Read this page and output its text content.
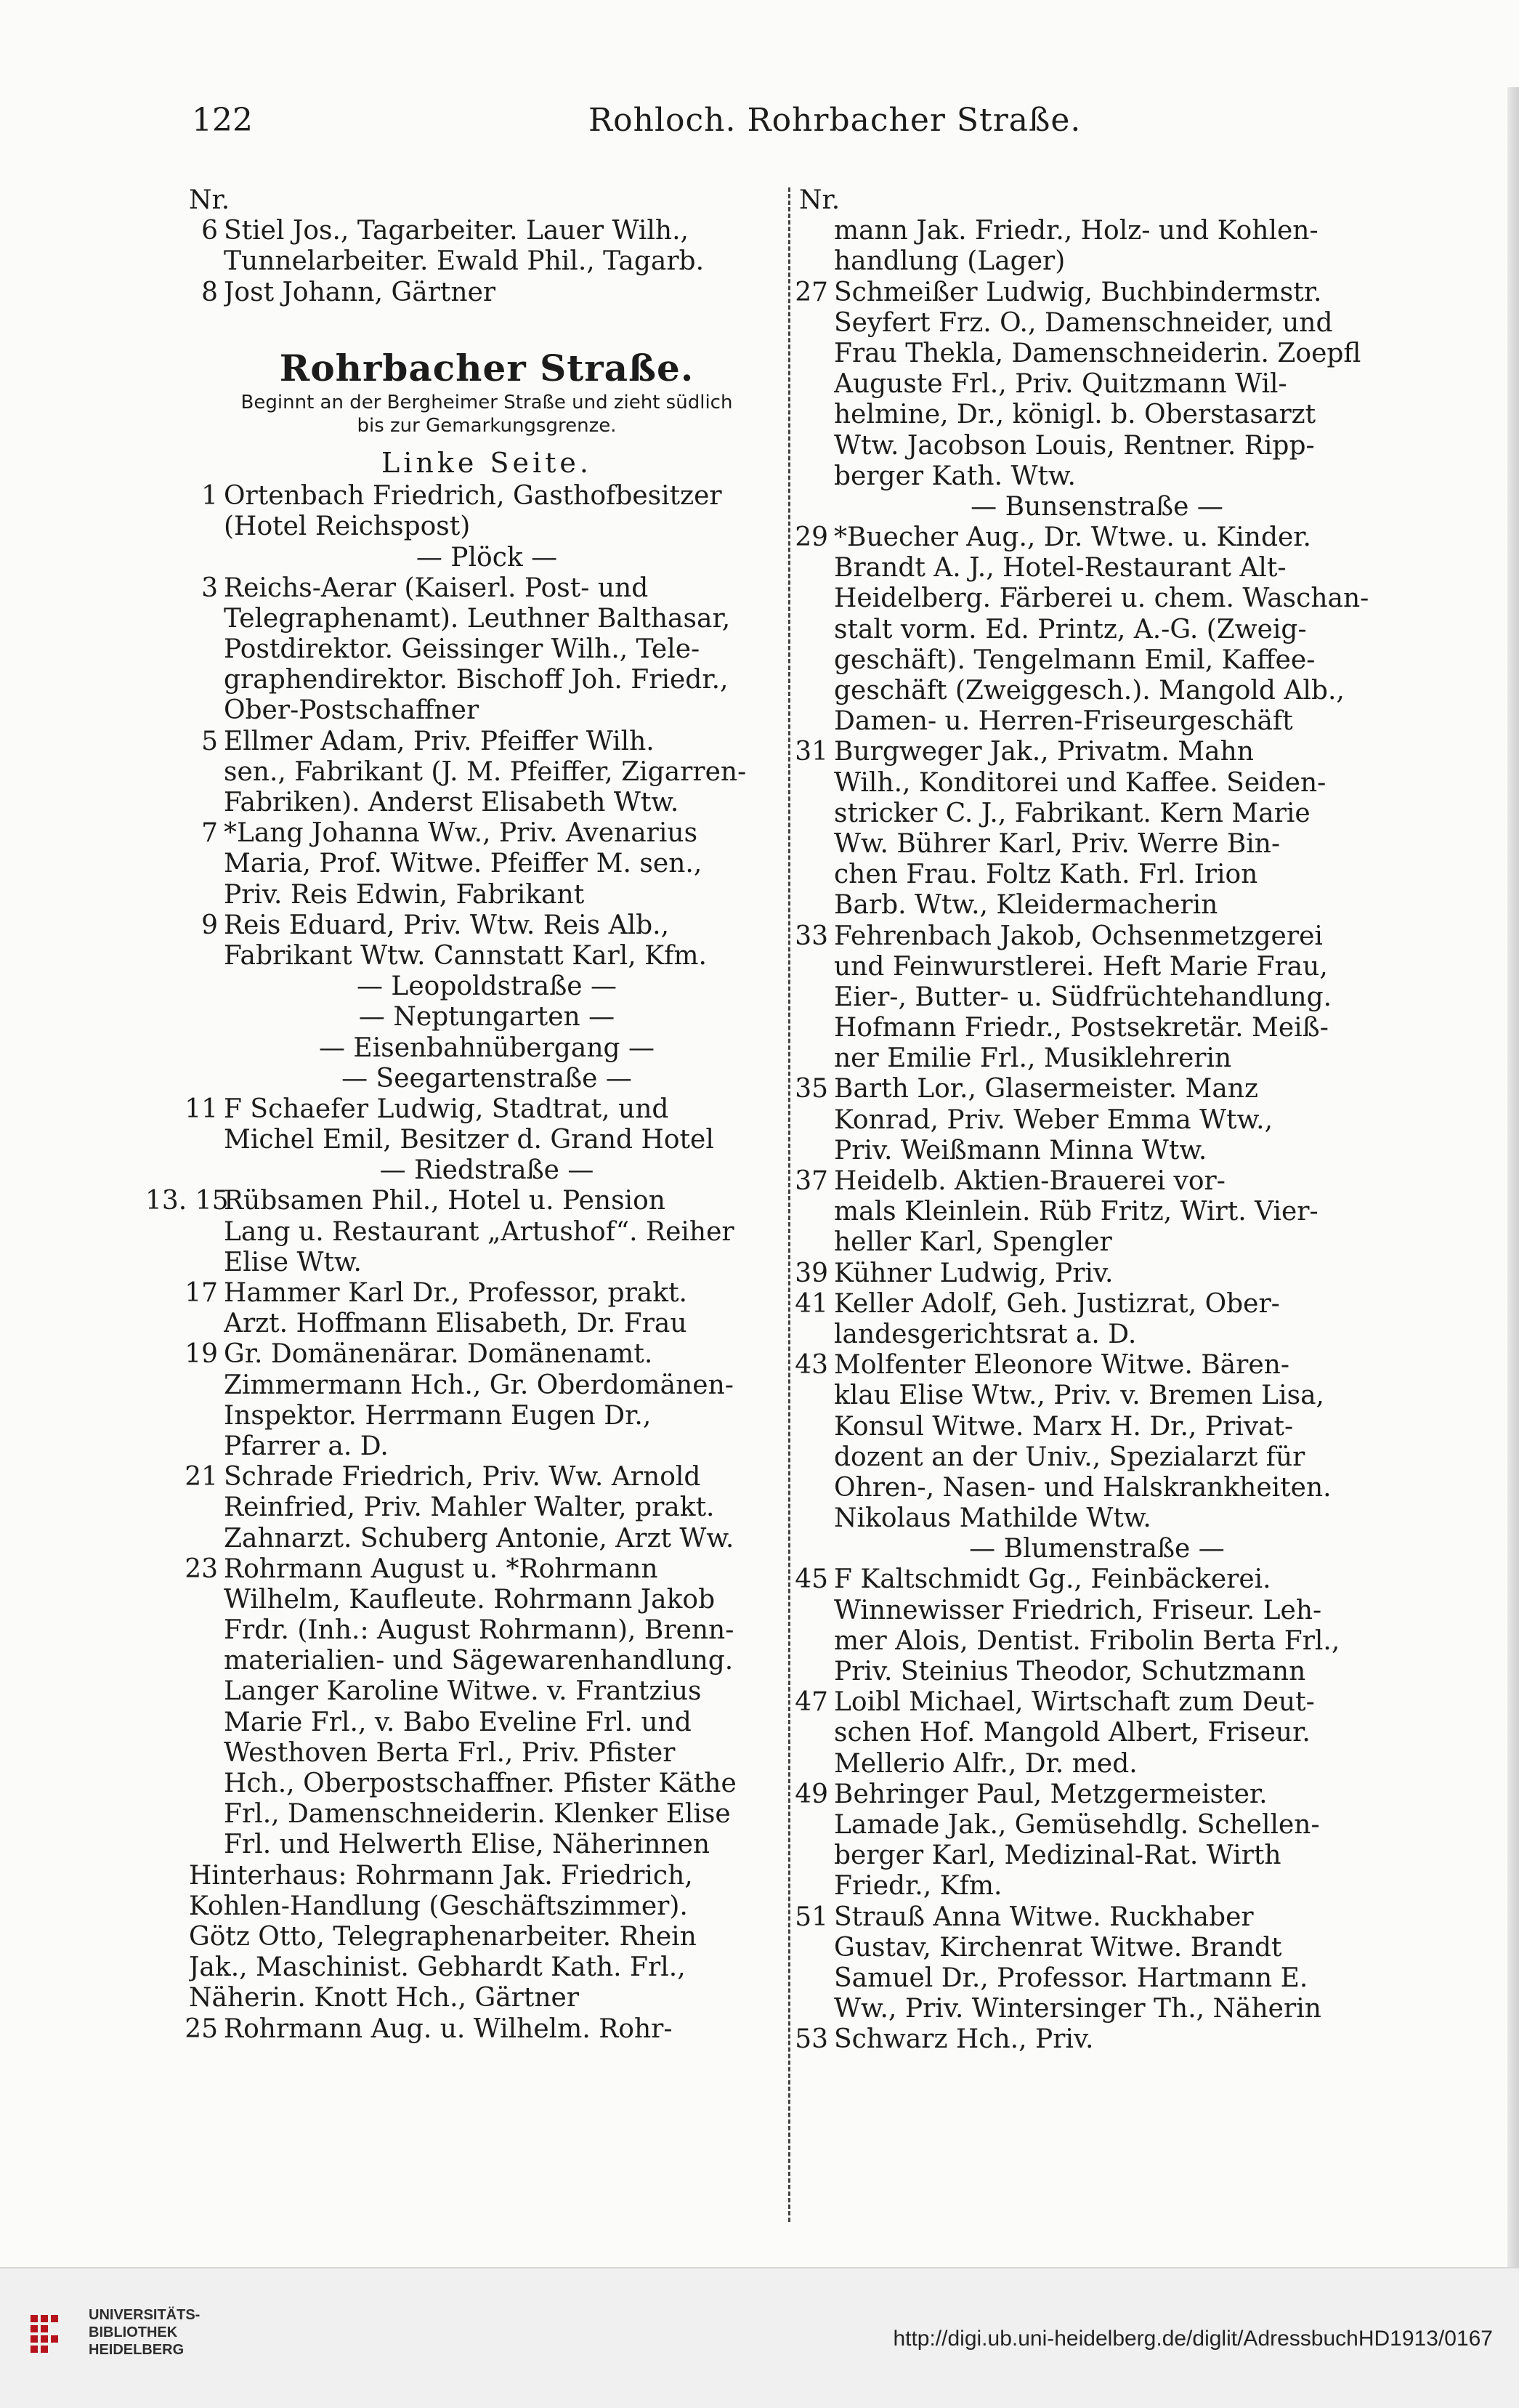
122	Rohloch. Rohrbacher Straße.
Nr.
6 Stiel Jos., Tagarbeiter. Lauer Wilh.,
Tunnelarbeiter. Ewald Phil., Tagarb.
8 Jost Johann, Gärtner
Rohrbacher Straße.
Beginnt an der Bergheimer Straße und zieht südlich
bis zur Gemarkungsgrenze.
Linke Seite.
1 Ortenbach Friedrich, Gasthofbesitzer
(Hotel Reichspost)
— Plöck —
3 Reichs-Aerar (Kaiserl. Post- und
Telegraphenamt). Leuthner Balthasar,
Postdirektor. Geissinger Wilh., Tele-
graphendirektor. Bischoff Joh. Friedr.,
Ober-Postschaffner
5 Ellmer Adam, Priv. Pfeiffer Wilh.
sen., Fabrikant (J. M. Pfeiffer, Zigarren-
Fabriken). Anderst Elisabeth Wtw.
7 *Lang Johanna Ww., Priv. Avenarius
Maria, Prof. Witwe. Pfeiffer M. sen.,
Priv. Reis Edwin, Fabrikant
9 Reis Eduard, Priv. Wtw. Reis Alb.,
Fabrikant Wtw. Cannstatt Karl, Kfm.
— Leopoldstraße —
— Neptungarten —
— Eisenbahnübergang —
— Seegartenstraße —
11 F Schaefer Ludwig, Stadtrat, und
Michel Emil, Besitzer d. Grand Hotel
— Riedstraße —
13. 15
Rübsamen Phil., Hotel u. Pension
Lang u. Restaurant „Artushof“. Reiher
Elise Wtw.
17 Hammer Karl Dr., Professor, prakt.
Arzt. Hoffmann Elisabeth, Dr. Frau
19 Gr. Domänenärar. Domänenamt.
Zimmermann Hch., Gr. Oberdomänen-
Inspektor. Herrmann Eugen Dr.,
Pfarrer a. D.
21 Schrade Friedrich, Priv. Ww. Arnold
Reinfried, Priv. Mahler Walter, prakt.
Zahnarzt. Schuberg Antonie, Arzt Ww.
23 Rohrmann August u. *Rohrmann
Wilhelm, Kaufleute. Rohrmann Jakob
Frdr. (Inh.: August Rohrmann), Brenn-
materialien- und Sägewarenhandlung.
Langer Karoline Witwe. v. Frantzius
Marie Frl., v. Babo Eveline Frl. und
Westhoven Berta Frl., Priv. Pfister
Hch., Oberpostschaffner. Pfister Käthe
Frl., Damenschneiderin. Klenker Elise
Frl. und Helwerth Elise, Näherinnen
Hinterhaus: Rohrmann Jak. Friedrich,
Kohlen-Handlung (Geschäftszimmer).
Götz Otto, Telegraphenarbeiter. Rhein
Jak., Maschinist. Gebhardt Kath. Frl.,
Näherin. Knott Hch., Gärtner
25 Rohrmann Aug. u. Wilhelm. Rohr-
Nr.
mann Jak. Friedr., Holz- und Kohlen-
handlung (Lager)
27 Schmeißer Ludwig, Buchbindermstr.
Seyfert Frz. O., Damenschneider, und
Frau Thekla, Damenschneiderin. Zoepfl
Auguste Frl., Priv. Quitzmann Wil-
helmine, Dr., königl. b. Oberstasarzt
Wtw. Jacobson Louis, Rentner. Ripp-
berger Kath. Wtw.
— Bunsenstraße —
29 *Buecher Aug., Dr. Wtwe. u. Kinder.
Brandt A. J., Hotel-Restaurant Alt-
Heidelberg. Färberei u. chem. Waschan-
stalt vorm. Ed. Printz, A.-G. (Zweig-
geschäft). Tengelmann Emil, Kaffee-
geschäft (Zweiggesch.). Mangold Alb.,
Damen- u. Herren-Friseurgeschäft
31 Burgweger Jak., Privatm. Mahn
Wilh., Konditorei und Kaffee. Seiden-
stricker C. J., Fabrikant. Kern Marie
Ww. Bührer Karl, Priv. Werre Bin-
chen Frau. Foltz Kath. Frl. Irion
Barb. Wtw., Kleidermacherin
33 Fehrenbach Jakob, Ochsenmetzgerei
und Feinwurstlerei. Heft Marie Frau,
Eier-, Butter- u. Südfrüchtehandlung.
Hofmann Friedr., Postsekretär. Meiß-
ner Emilie Frl., Musiklehrerin
35 Barth Lor., Glasermeister. Manz
Konrad, Priv. Weber Emma Wtw.,
Priv. Weißmann Minna Wtw.
37 Heidelb. Aktien-Brauerei vor-
mals Kleinlein. Rüb Fritz, Wirt. Vier-
heller Karl, Spengler
39 Kühner Ludwig, Priv.
41 Keller Adolf, Geh. Justizrat, Ober-
landesgerichtsrat a. D.
43 Molfenter Eleonore Witwe. Bären-
klau Elise Wtw., Priv. v. Bremen Lisa,
Konsul Witwe. Marx H. Dr., Privat-
dozent an der Univ., Spezialarzt für
Ohren-, Nasen- und Halskrankheiten.
Nikolaus Mathilde Wtw.
— Blumenstraße —
45 F Kaltschmidt Gg., Feinbäckerei.
Winnewisser Friedrich, Friseur. Leh-
mer Alois, Dentist. Fribolin Berta Frl.,
Priv. Steinius Theodor, Schutzmann
47 Loibl Michael, Wirtschaft zum Deut-
schen Hof. Mangold Albert, Friseur.
Mellerio Alfr., Dr. med.
49 Behringer Paul, Metzgermeister.
Lamade Jak., Gemüsehdlg. Schellen-
berger Karl, Medizinal-Rat. Wirth
Friedr., Kfm.
51 Strauß Anna Witwe. Ruckhaber
Gustav, Kirchenrat Witwe. Brandt
Samuel Dr., Professor. Hartmann E.
Ww., Priv. Wintersinger Th., Näherin
53 Schwarz Hch., Priv.
UNIVERSITÄTS-
BIBLIOTHEK
HEIDELBERG	http://digi.ub.uni-heidelberg.de/diglit/AdressbuchHD1913/0167
